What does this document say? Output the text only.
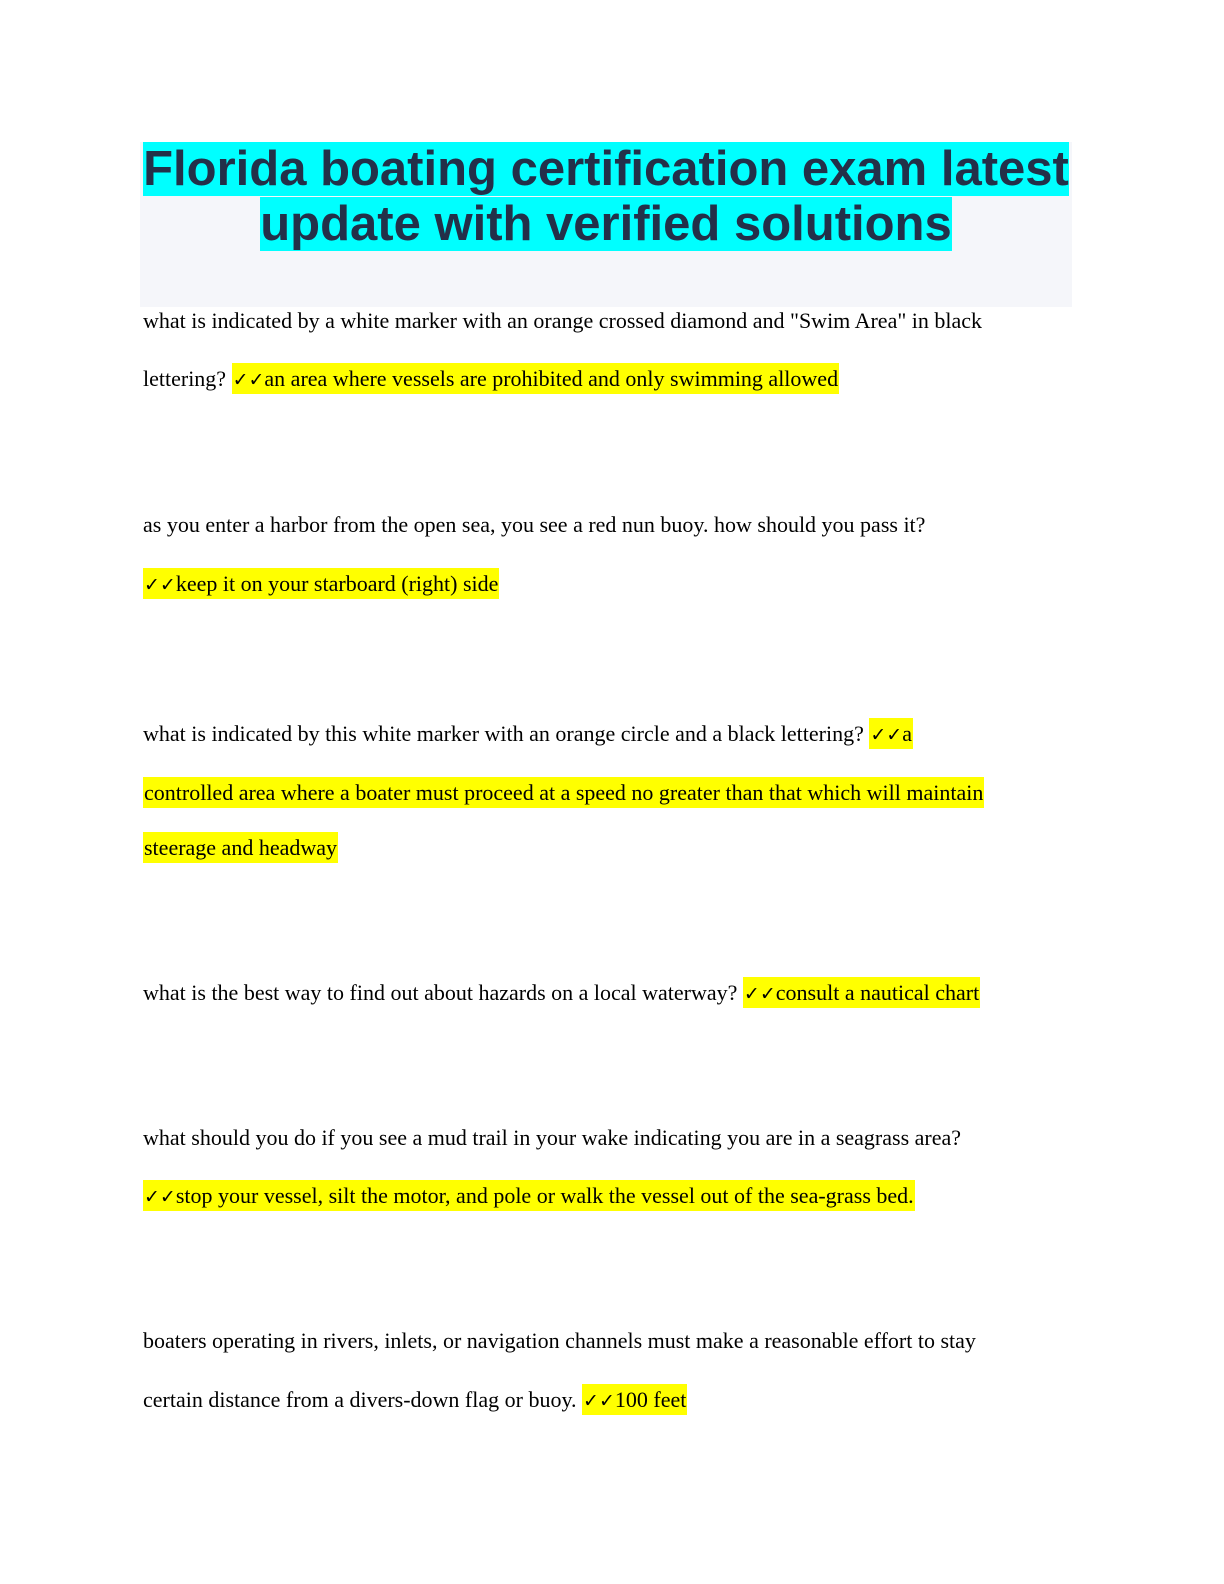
Florida boating certification exam latest
update with verified solutions
what is indicated by a white marker with an orange crossed diamond and "Swim Area" in black
lettering? ✓✓an area where vessels are prohibited and only swimming allowed
as you enter a harbor from the open sea, you see a red nun buoy. how should you pass it?
✓✓keep it on your starboard (right) side
what is indicated by this white marker with an orange circle and a black lettering? ✓✓a
controlled area where a boater must proceed at a speed no greater than that which will maintain
steerage and headway
what is the best way to find out about hazards on a local waterway? ✓✓consult a nautical chart
what should you do if you see a mud trail in your wake indicating you are in a seagrass area?
✓✓stop your vessel, silt the motor, and pole or walk the vessel out of the sea-grass bed.
boaters operating in rivers, inlets, or navigation channels must make a reasonable effort to stay
certain distance from a divers-down flag or buoy. ✓✓100 feet
